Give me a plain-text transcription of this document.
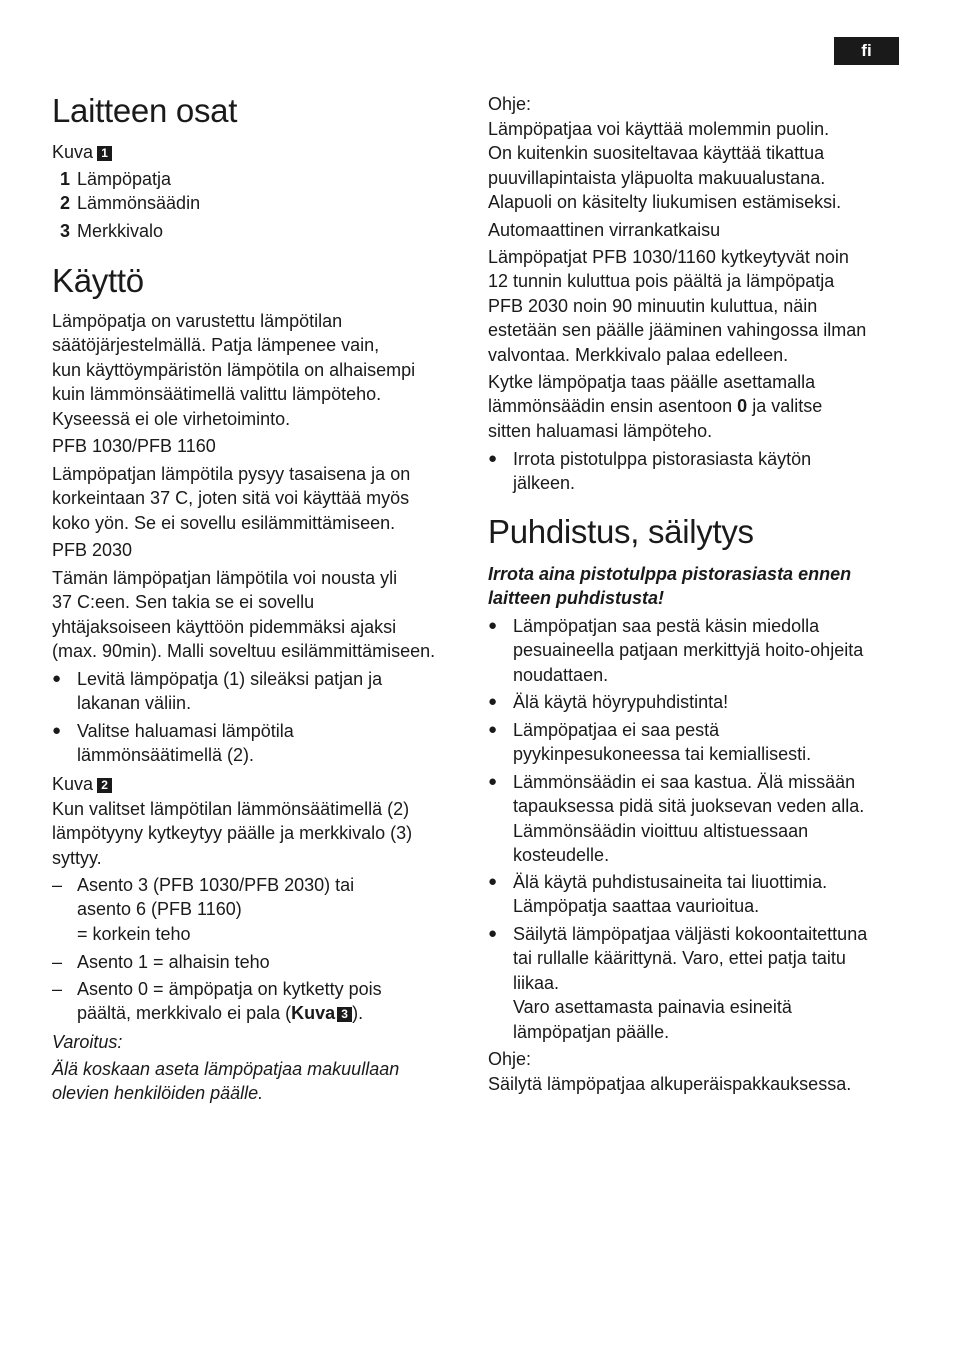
fi
Laitteen osat
Kuva 1
1 Lämpöpatja
2 Lämmönsäädin
3 Merkkivalo
Käyttö
Lämpöpatja on varustettu lämpötilan
säätöjärjestelmällä. Patja lämpenee vain,
kun käyttöympäristön lämpötila on alhaisempi
kuin lämmönsäätimellä valittu lämpöteho.
Kyseessä ei ole virhetoiminto.
PFB 1030/PFB 1160
Lämpöpatjan lämpötila pysyy tasaisena ja on
korkeintaan 37 C, joten sitä voi käyttää myös
koko yön. Se ei sovellu esilämmittämiseen.
PFB 2030
Tämän lämpöpatjan lämpötila voi nousta yli
37 C:een. Sen takia se ei sovellu
yhtäjaksoiseen käyttöön pidemmäksi ajaksi
(max. 90min). Malli soveltuu esilämmittämiseen.
● Levitä lämpöpatja (1) sileäksi patjan ja
lakanan väliin.
● Valitse haluamasi lämpötila
lämmönsäätimellä (2).
Kuva 2
Kun valitset lämpötilan lämmönsäätimellä (2)
lämpötyyny kytkeytyy päälle ja merkkivalo (3)
syttyy.
– Asento 3 (PFB 1030/PFB 2030) tai
asento 6 (PFB 1160)
= korkein teho
– Asento 1 = alhaisin teho
– Asento 0 = ämpöpatja on kytketty pois
päältä, merkkivalo ei pala (Kuva 3 ).
Varoitus:
Älä koskaan aseta lämpöpatjaa makuullaan
olevien henkilöiden päälle.
Ohje:
Lämpöpatjaa voi käyttää molemmin puolin.
On kuitenkin suositeltavaa käyttää tikattua
puuvillapintaista yläpuolta makuualustana.
Alapuoli on käsitelty liukumisen estämiseksi.
Automaattinen virrankatkaisu
Lämpöpatjat PFB 1030/1160 kytkeytyvät noin
12 tunnin kuluttua pois päältä ja lämpöpatja
PFB 2030 noin 90 minuutin kuluttua, näin
estetään sen päälle jääminen vahingossa ilman
valvontaa. Merkkivalo palaa edelleen.
Kytke lämpöpatja taas päälle asettamalla
lämmönsäädin ensin asentoon 0 ja valitse
sitten haluamasi lämpöteho.
● Irrota pistotulppa pistorasiasta käytön
jälkeen.
Puhdistus, säilytys
Irrota aina pistotulppa pistorasiasta ennen
laitteen puhdistusta!
● Lämpöpatjan saa pestä käsin miedolla
pesuaineella patjaan merkittyjä hoito-ohjeita
noudattaen.
● Älä käytä höyrypuhdistinta!
● Lämpöpatjaa ei saa pestä
pyykinpesukoneessa tai kemiallisesti.
● Lämmönsäädin ei saa kastua. Älä missään
tapauksessa pidä sitä juoksevan veden alla.
Lämmönsäädin vioittuu altistuessaan
kosteudelle.
● Älä käytä puhdistusaineita tai liuottimia.
Lämpöpatja saattaa vaurioitua.
● Säilytä lämpöpatjaa väljästi kokoontaitettuna
tai rullalle käärittynä. Varo, ettei patja taitu
liikaa.
Varo asettamasta painavia esineitä
lämpöpatjan päälle.
Ohje:
Säilytä lämpöpatjaa alkuperäispakkauksessa.
